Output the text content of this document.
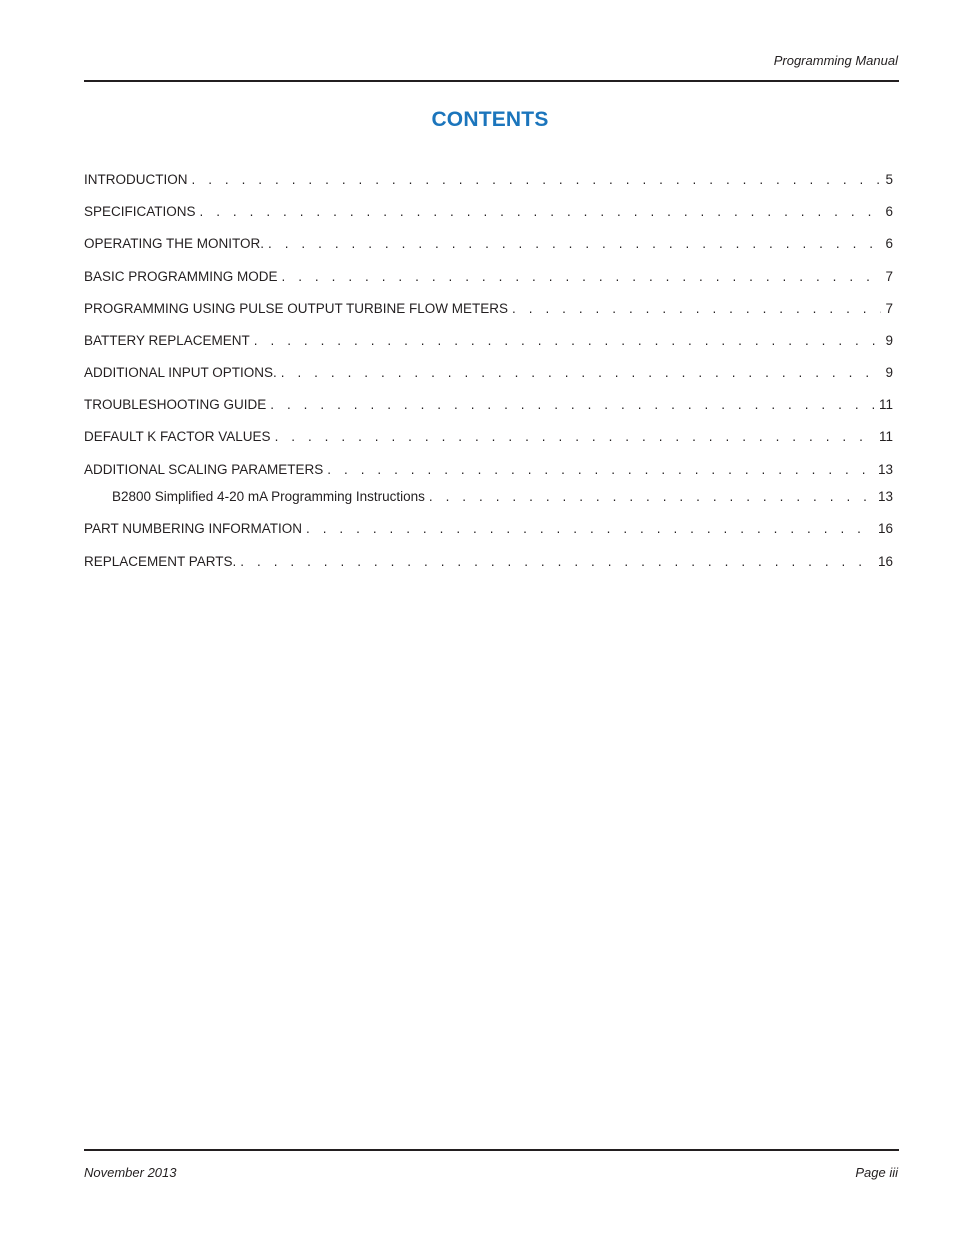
Programming Manual
CONTENTS
INTRODUCTION . . .	5
SPECIFICATIONS . . .	6
OPERATING THE MONITOR. . . .	6
BASIC PROGRAMMING MODE . . .	7
PROGRAMMING USING PULSE OUTPUT TURBINE FLOW METERS . . .	7
BATTERY REPLACEMENT . . .	9
ADDITIONAL INPUT OPTIONS. . . .	9
TROUBLESHOOTING GUIDE . . .	11
DEFAULT K FACTOR VALUES . . .	11
ADDITIONAL SCALING PARAMETERS . . .	13
B2800 Simplified 4-20 mA Programming Instructions . . .	13
PART NUMBERING INFORMATION . . .	16
REPLACEMENT PARTS. . . .	16
November 2013	Page iii
